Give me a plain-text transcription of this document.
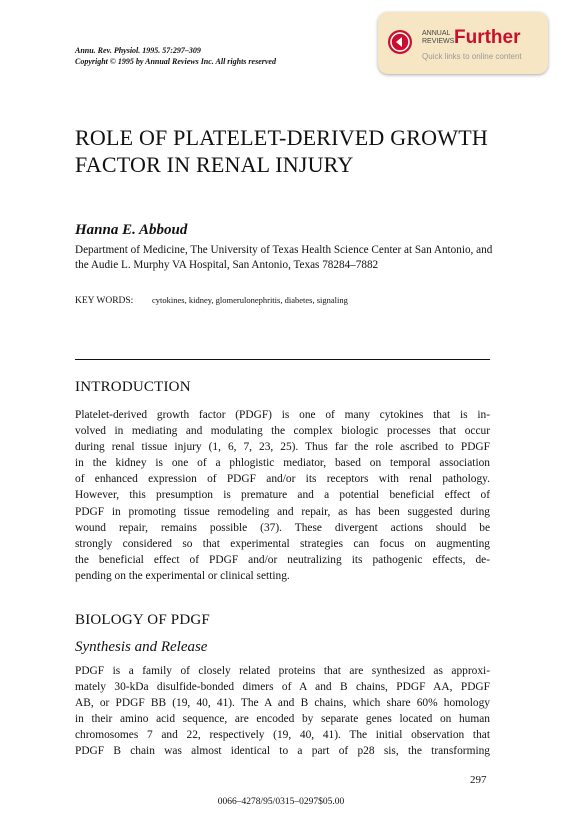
Annu. Rev. Physiol. 1995. 57:297–309
Copyright © 1995 by Annual Reviews Inc. All rights reserved
ANNUAL
REVIEWS Further
Quick links to online content
ROLE OF PLATELET-DERIVED GROWTH FACTOR IN RENAL INJURY
Hanna E. Abboud

Department of Medicine, The University of Texas Health Science Center at San Antonio, and the Audie L. Murphy VA Hospital, San Antonio, Texas 78284–7882

KEY WORDS: cytokines, kidney, glomerulonephritis, diabetes, signaling
INTRODUCTION

Platelet-derived growth factor (PDGF) is one of many cytokines that is in-
volved in mediating and modulating the complex biologic processes that occur
during renal tissue injury (1, 6, 7, 23, 25). Thus far the role ascribed to PDGF
in the kidney is one of a phlogistic mediator, based on temporal association
of enhanced expression of PDGF and/or its receptors with renal pathology.
However, this presumption is premature and a potential beneficial effect of
PDGF in promoting tissue remodeling and repair, as has been suggested during
wound repair, remains possible (37). These divergent actions should be
strongly considered so that experimental strategies can focus on augmenting
the beneficial effect of PDGF and/or neutralizing its pathogenic effects, de-
pending on the experimental or clinical setting.

BIOLOGY OF PDGF
Synthesis and Release

PDGF is a family of closely related proteins that are synthesized as approxi-
mately 30-kDa disulfide-bonded dimers of A and B chains, PDGF AA, PDGF
AB, or PDGF BB (19, 40, 41). The A and B chains, which share 60% homology
in their amino acid sequence, are encoded by separate genes located on human
chromosomes 7 and 22, respectively (19, 40, 41). The initial observation that
PDGF B chain was almost identical to a part of p28 sis, the transforming

297
0066–4278/95/0315–0297$05.00
